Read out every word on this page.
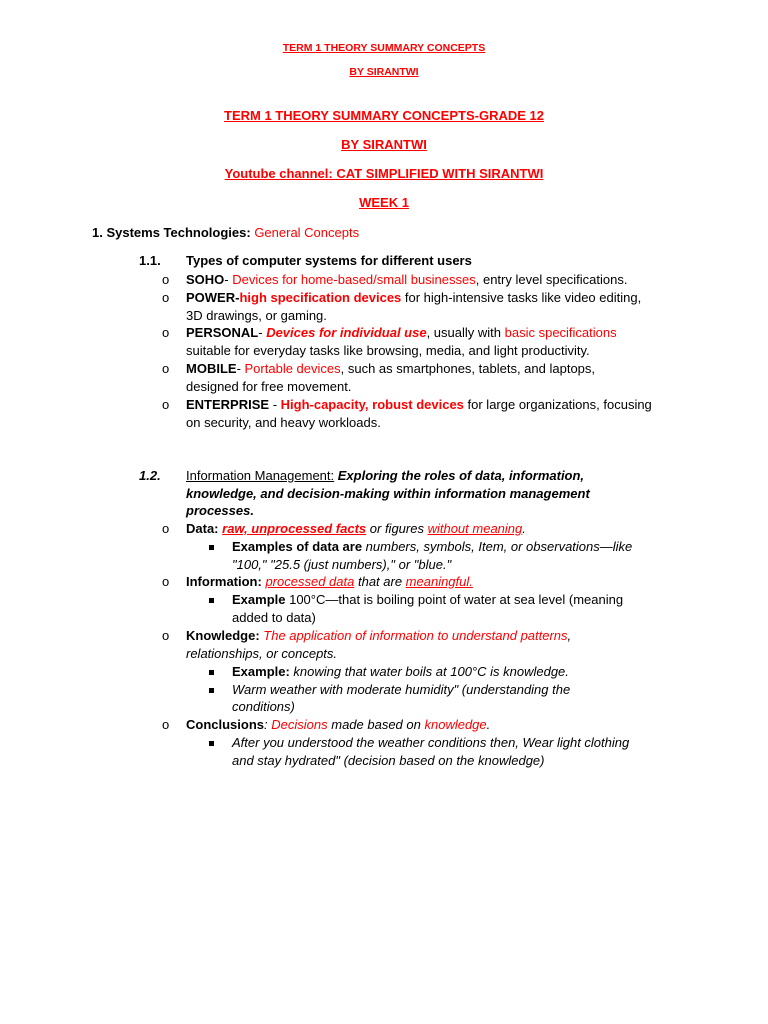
TERM 1 THEORY SUMMARY CONCEPTS
BY SIRANTWI
TERM 1 THEORY SUMMARY CONCEPTS-GRADE 12
BY SIRANTWI
Youtube channel: CAT SIMPLIFIED WITH SIRANTWI
WEEK 1
1. Systems Technologies: General Concepts
1.1. Types of computer systems for different users
o SOHO- Devices for home-based/small businesses, entry level specifications.
o POWER-high specification devices for high-intensive tasks like video editing,
3D drawings, or gaming.
o PERSONAL- Devices for individual use, usually with basic specifications
suitable for everyday tasks like browsing, media, and light productivity.
o MOBILE- Portable devices, such as smartphones, tablets, and laptops,
designed for free movement.
o ENTERPRISE - High-capacity, robust devices for large organizations, focusing
on security, and heavy workloads.
1.2. Information Management: Exploring the roles of data, information,
knowledge, and decision-making within information management
processes.
o Data: raw, unprocessed facts or figures without meaning.
Examples of data are numbers, symbols, Item, or observations—like
"100," "25.5 (just numbers)," or "blue."
o Information: processed data that are meaningful.
Example 100°C—that is boiling point of water at sea level (meaning
added to data)
o Knowledge: The application of information to understand patterns,
relationships, or concepts.
Example: knowing that water boils at 100°C is knowledge.
Warm weather with moderate humidity" (understanding the
conditions)
o Conclusions: Decisions made based on knowledge.
After you understood the weather conditions then, Wear light clothing
and stay hydrated" (decision based on the knowledge)
